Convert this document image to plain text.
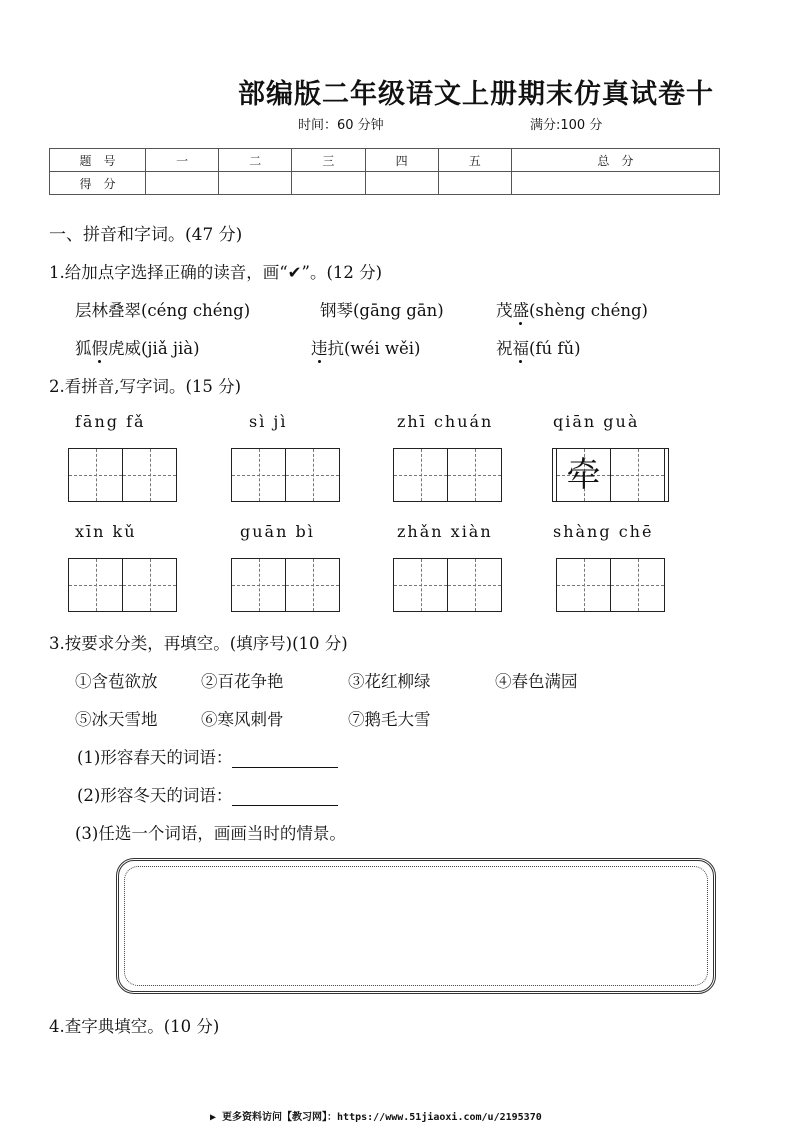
部编版二年级语文上册期末仿真试卷十
时间：60 分钟	满分:100 分
题　号	一	二	三	四	五	总　分
得　分						
一、拼音和字词。(47 分)
1.给加点字选择正确的读音，画“✔”。(12 分)
层林叠翠(céng chéng)	钢琴(gāng gān)	茂盛(shèng chéng)
狐假虎威(jiǎ jià)	违抗(wéi wěi)	祝福(fú fǔ)
2.看拼音,写字词。(15 分)
fāng fǎ	sì jì	zhī chuán	qiān guà
牵
xīn kǔ	guān bì	zhǎn xiàn	shàng chē
3.按要求分类，再填空。(填序号)(10 分)
①含苞欲放	②百花争艳	③花红柳绿	④春色满园
⑤冰天雪地	⑥寒风刺骨	⑦鹅毛大雪
(1)形容春天的词语：
(2)形容冬天的词语：
(3)任选一个词语，画画当时的情景。
4.查字典填空。(10 分)
▶ 更多资料访问【教习网】：https://www.51jiaoxi.com/u/2195370
